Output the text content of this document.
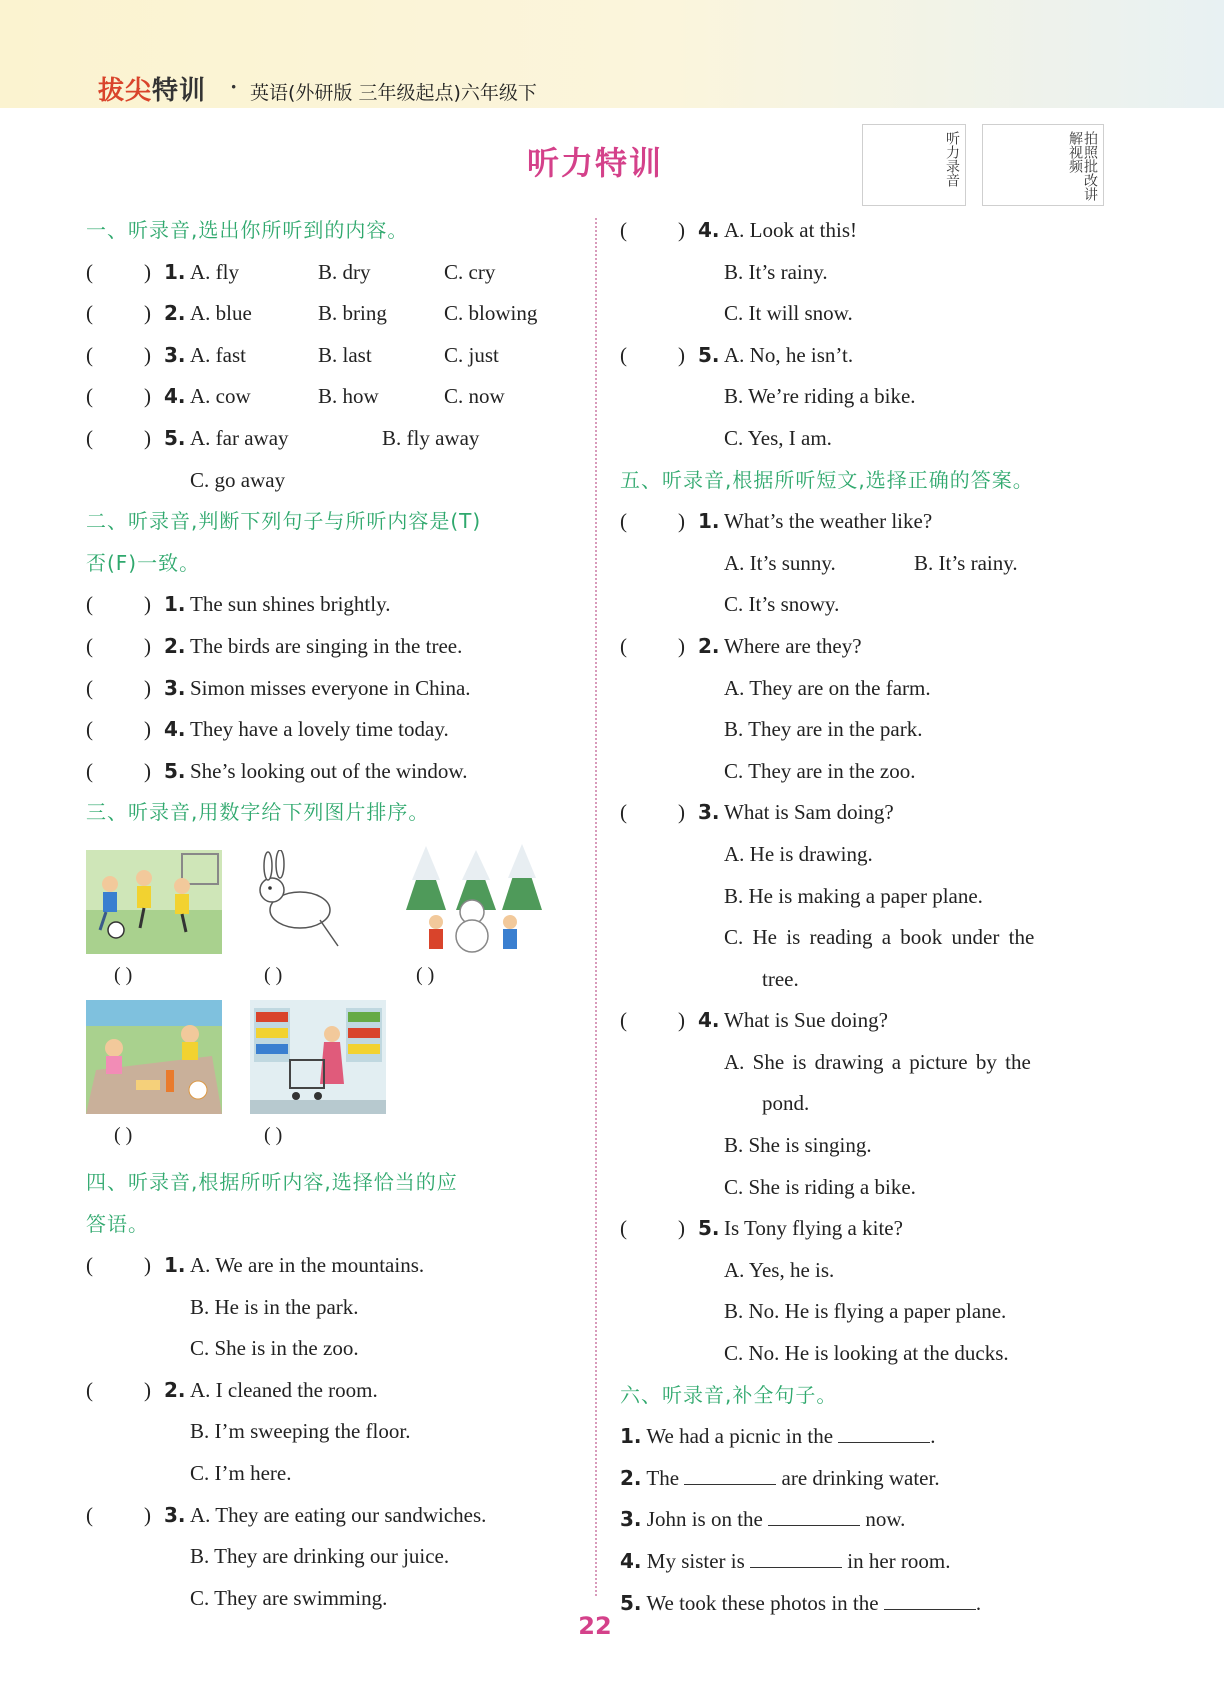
拔尖特训 · 英语(外研版 三年级起点)六年级下
听力特训	听力录音	拍照批改讲解视频
一、听录音,选出你所听到的内容。
( ) 1. A. fly	B. dry	C. cry
( ) 2. A. blue	B. bring	C. blowing
( ) 3. A. fast	B. last	C. just
( ) 4. A. cow	B. how	C. now
( ) 5. A. far away	B. fly away
C. go away
二、听录音,判断下列句子与所听内容是(T)
否(F)一致。
( ) 1. The sun shines brightly.
( ) 2. The birds are singing in the tree.
( ) 3. Simon misses everyone in China.
( ) 4. They have a lovely time today.
( ) 5. She’s looking out of the window.
三、听录音,用数字给下列图片排序。
( )	( )	( )
( )	( )
四、听录音,根据所听内容,选择恰当的应
答语。
( ) 1. A. We are in the mountains.
B. He is in the park.
C. She is in the zoo.
( ) 2. A. I cleaned the room.
B. I’m sweeping the floor.
C. I’m here.
( ) 3. A. They are eating our sandwiches.
B. They are drinking our juice.
C. They are swimming.
( ) 4. A. Look at this!
B. It’s rainy.
C. It will snow.
( ) 5. A. No, he isn’t.
B. We’re riding a bike.
C. Yes, I am.
五、听录音,根据所听短文,选择正确的答案。
( ) 1. What’s the weather like?
A. It’s sunny.	B. It’s rainy.
C. It’s snowy.
( ) 2. Where are they?
A. They are on the farm.
B. They are in the park.
C. They are in the zoo.
( ) 3. What is Sam doing?
A. He is drawing.
B. He is making a paper plane.
C. He is reading a book under the
tree.
( ) 4. What is Sue doing?
A. She is drawing a picture by the
pond.
B. She is singing.
C. She is riding a bike.
( ) 5. Is Tony flying a kite?
A. Yes, he is.
B. No. He is flying a paper plane.
C. No. He is looking at the ducks.
六、听录音,补全句子。
1. We had a picnic in the	.
2. The	are drinking water.
3. John is on the	now.
4. My sister is	in her room.
5. We took these photos in the	.
22
